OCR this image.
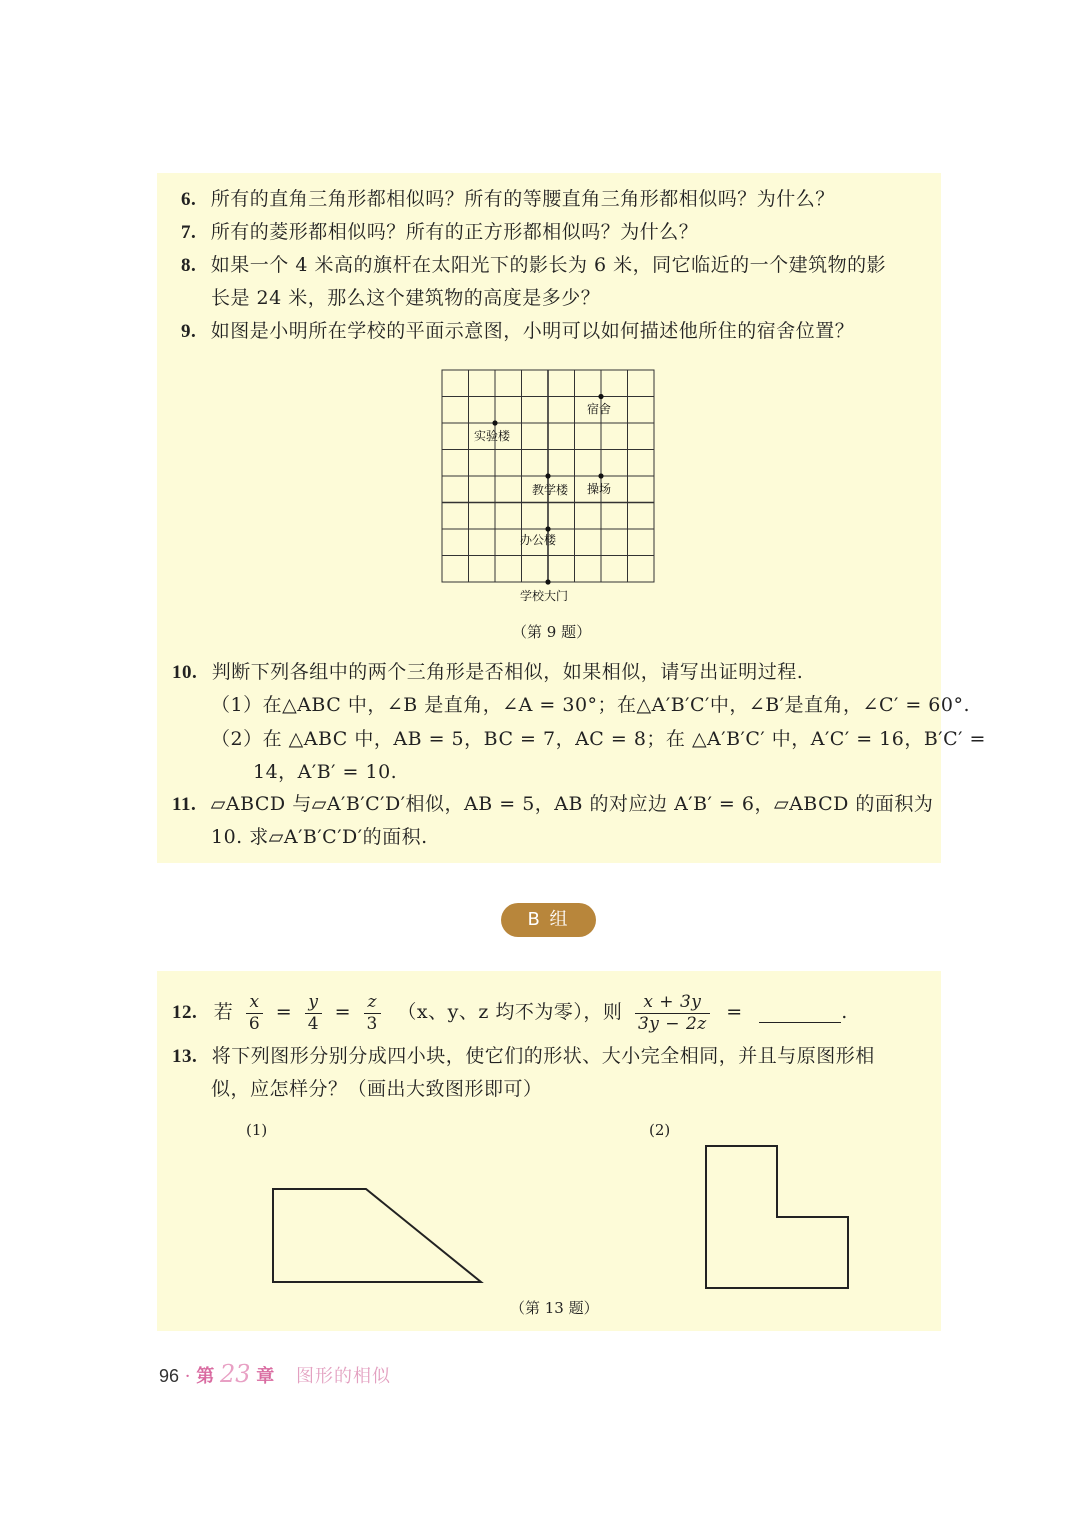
6. 所有的直角三角形都相似吗？所有的等腰直角三角形都相似吗？为什么？
7. 所有的菱形都相似吗？所有的正方形都相似吗？为什么？
8. 如果一个 4 米高的旗杆在太阳光下的影长为 6 米，同它临近的一个建筑物的影
长是 24 米，那么这个建筑物的高度是多少？
9. 如图是小明所在学校的平面示意图，小明可以如何描述他所住的宿舍位置？
宿舍
实验楼
教学楼 操场
办公楼
学校大门
（第 9 题）
10. 判断下列各组中的两个三角形是否相似，如果相似，请写出证明过程.
（1）在△ABC 中，∠B 是直角，∠A = 30°；在△A′B′C′中，∠B′是直角，∠C′ = 60°.
（2）在 △ABC 中，AB = 5，BC = 7，AC = 8；在 △A′B′C′ 中，A′C′ = 16，B′C′ =
14，A′B′ = 10.
11. ▱ABCD 与▱A′B′C′D′相似，AB = 5，AB 的对应边 A′B′ = 6，▱ABCD 的面积为
10. 求▱A′B′C′D′的面积.
B 组
12. 若 $\frac{x}{6} = \frac{y}{4} = \frac{z}{3} (x$、y、z 均不为零），则 $\frac{x + 3y}{3y - 2z}$ =	.
13. 将下列图形分别分成四小块，使它们的形状、大小完全相同，并且与原图形相
似，应怎样分？（画出大致图形即可）
(1)	(2)
（第 13 题）
96 · 第 23 章 图形的相似
